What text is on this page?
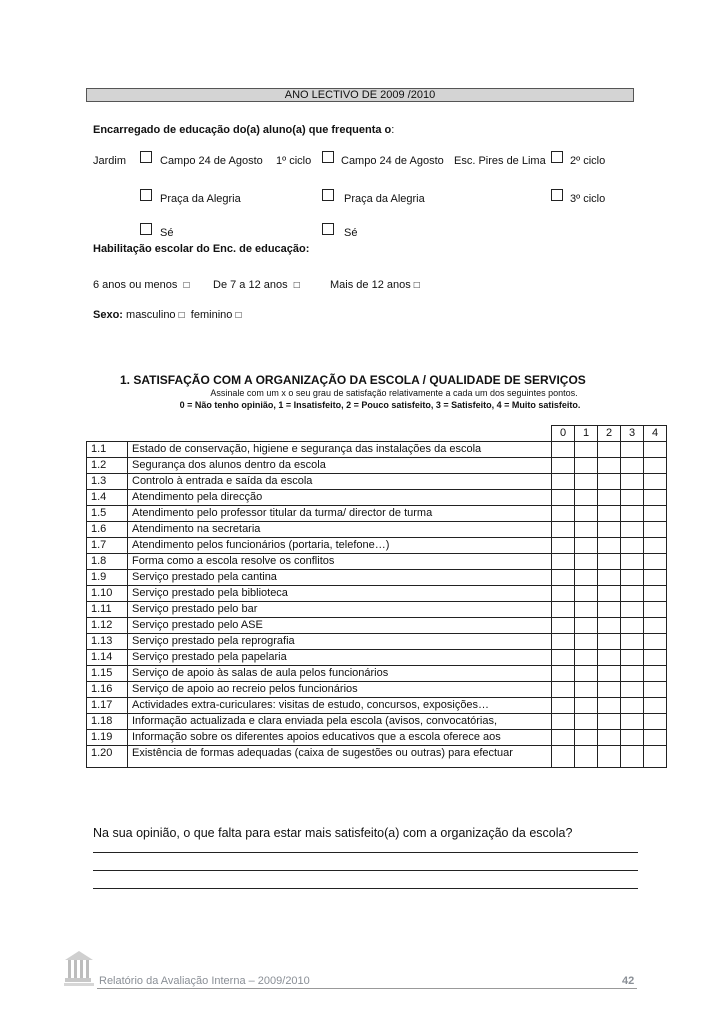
ANO LECTIVO DE 2009 /2010
Encarregado de educação do(a) aluno(a) que frequenta o:
Jardim	Campo 24 de Agosto 1º ciclo	Campo 24 de Agosto Esc. Pires de Lima 2º ciclo
Praça da Alegria	Praça da Alegria	3º ciclo
Sé	Sé
Habilitação escolar do Enc. de educação:
6 anos ou menos □ De 7 a 12 anos □	Mais de 12 anos □
Sexo: masculino □ feminino □
1. SATISFAÇÃO COM A ORGANIZAÇÃO DA ESCOLA / QUALIDADE DE SERVIÇOS
Assinale com um x o seu grau de satisfação relativamente a cada um dos seguintes pontos.
0 = Não tenho opinião, 1 = Insatisfeito, 2 = Pouco satisfeito, 3 = Satisfeito, 4 = Muito satisfeito.
			0	1	2	3	4
1.1	Estado de conservação, higiene e segurança das instalações da escola						
1.2	Segurança dos alunos dentro da escola						
1.3	Controlo à entrada e saída da escola						
1.4	Atendimento pela direcção						
1.5	Atendimento pelo professor titular da turma/ director de turma						
1.6	Atendimento na secretaria						
1.7	Atendimento pelos funcionários (portaria, telefone…)						
1.8	Forma como a escola resolve os conflitos						
1.9	Serviço prestado pela cantina						
1.10	Serviço prestado pela biblioteca						
1.11	Serviço prestado pelo bar						
1.12	Serviço prestado pelo ASE						
1.13	Serviço prestado pela reprografia						
1.14	Serviço prestado pela papelaria						
1.15	Serviço de apoio às salas de aula pelos funcionários						
1.16	Serviço de apoio ao recreio pelos funcionários						
1.17	Actividades extra-curiculares: visitas de estudo, concursos, exposições…						
1.18	Informação actualizada e clara enviada pela escola (avisos, convocatórias,						
1.19	Informação sobre os diferentes apoios educativos que a escola oferece aos						
1.20	Existência de formas adequadas (caixa de sugestões ou outras) para efectuar						
Na sua opinião, o que falta para estar mais satisfeito(a) com a organização da escola?
Relatório da Avaliação Interna – 2009/2010	42
